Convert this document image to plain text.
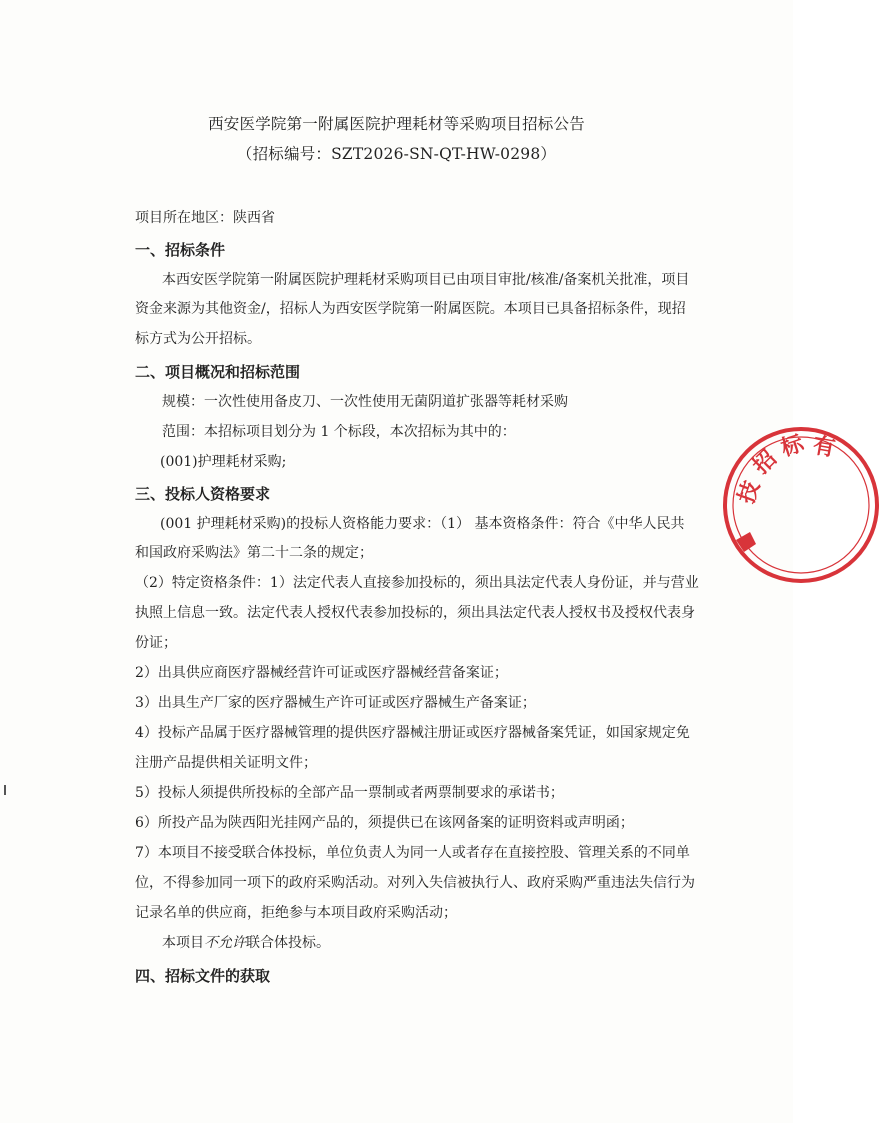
西安医学院第一附属医院护理耗材等采购项目招标公告
（招标编号：SZT2026-SN-QT-HW-0298）
项目所在地区：陕西省
一、招标条件
本西安医学院第一附属医院护理耗材采购项目已由项目审批/核准/备案机关批准，项目
资金来源为其他资金/，招标人为西安医学院第一附属医院。本项目已具备招标条件，现招
标方式为公开招标。
二、项目概况和招标范围
规模：一次性使用备皮刀、一次性使用无菌阴道扩张器等耗材采购
范围：本招标项目划分为 1 个标段，本次招标为其中的：
(001)护理耗材采购;
三、投标人资格要求
(001 护理耗材采购)的投标人资格能力要求：（1） 基本资格条件：符合《中华人民共
和国政府采购法》第二十二条的规定；
（2）特定资格条件：1）法定代表人直接参加投标的，须出具法定代表人身份证，并与营业
执照上信息一致。法定代表人授权代表参加投标的，须出具法定代表人授权书及授权代表身
份证；
2）出具供应商医疗器械经营许可证或医疗器械经营备案证；
3）出具生产厂家的医疗器械生产许可证或医疗器械生产备案证；
4）投标产品属于医疗器械管理的提供医疗器械注册证或医疗器械备案凭证，如国家规定免
注册产品提供相关证明文件；
5）投标人须提供所投标的全部产品一票制或者两票制要求的承诺书；
6）所投产品为陕西阳光挂网产品的，须提供已在该网备案的证明资料或声明函；
7）本项目不接受联合体投标，单位负责人为同一人或者存在直接控股、管理关系的不同单
位，不得参加同一项下的政府采购活动。对列入失信被执行人、政府采购严重违法失信行为
记录名单的供应商，拒绝参与本项目政府采购活动；
本项目不允许联合体投标。
四、招标文件的获取
技
招
标 有
